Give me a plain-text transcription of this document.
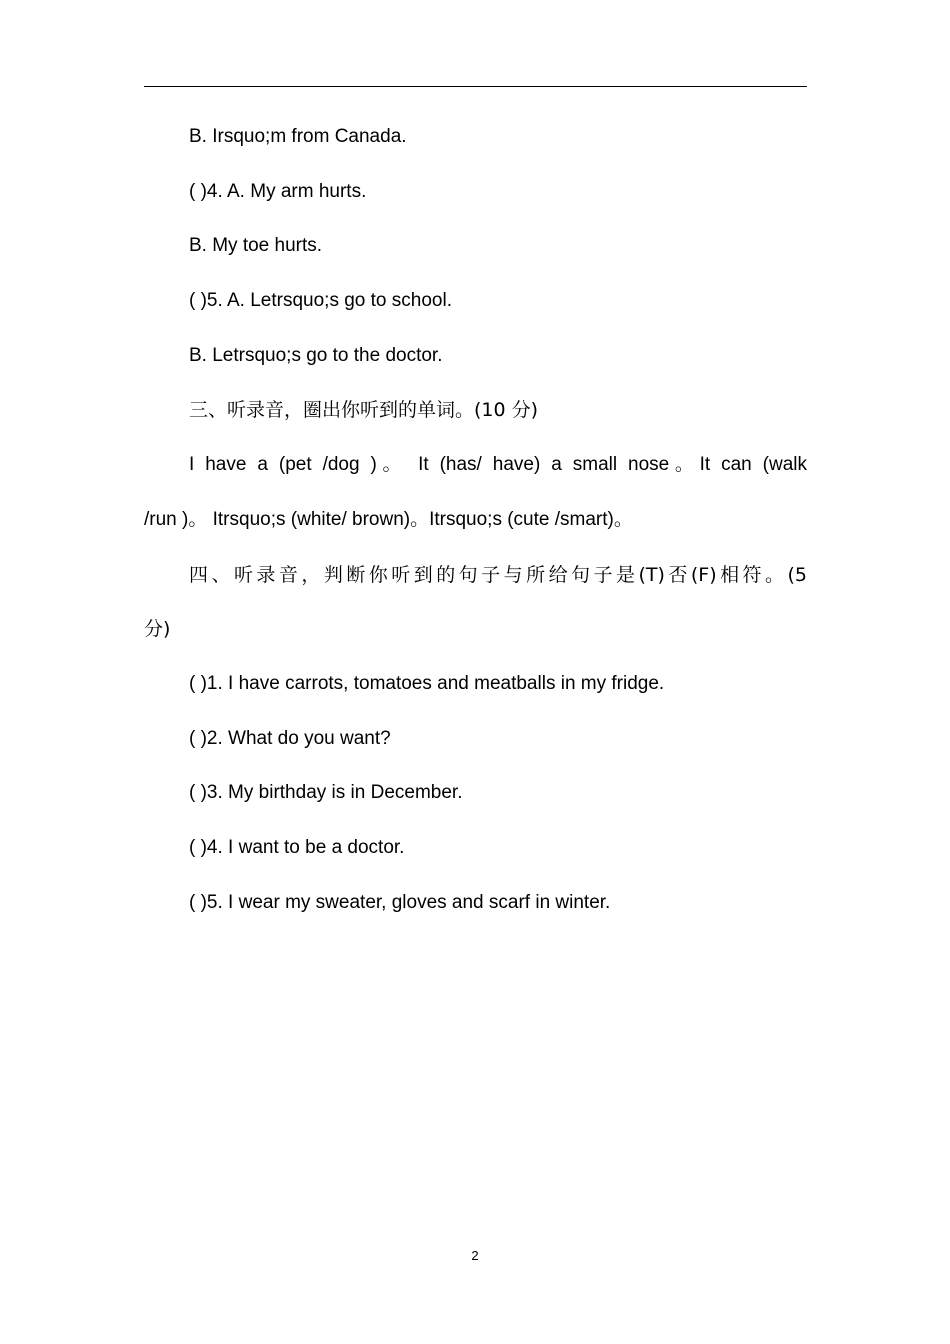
B. Irsquo;m from Canada.
( )4. A. My arm hurts.
B. My toe hurts.
( )5. A. Letrsquo;s go to school.
B. Letrsquo;s go to the doctor.
三、听录音，圈出你听到的单词。(10 分)
I have a (pet /dog )。 It (has/ have) a small nose。It can (walk
/run )。 Itrsquo;s (white/ brown)。Itrsquo;s (cute /smart)。
四、听录音，判断你听到的句子与所给句子是(T)否(F)相符。(5
分)
( )1. I have carrots, tomatoes and meatballs in my fridge.
( )2. What do you want?
( )3. My birthday is in December.
( )4. I want to be a doctor.
( )5. I wear my sweater, gloves and scarf in winter.
2
